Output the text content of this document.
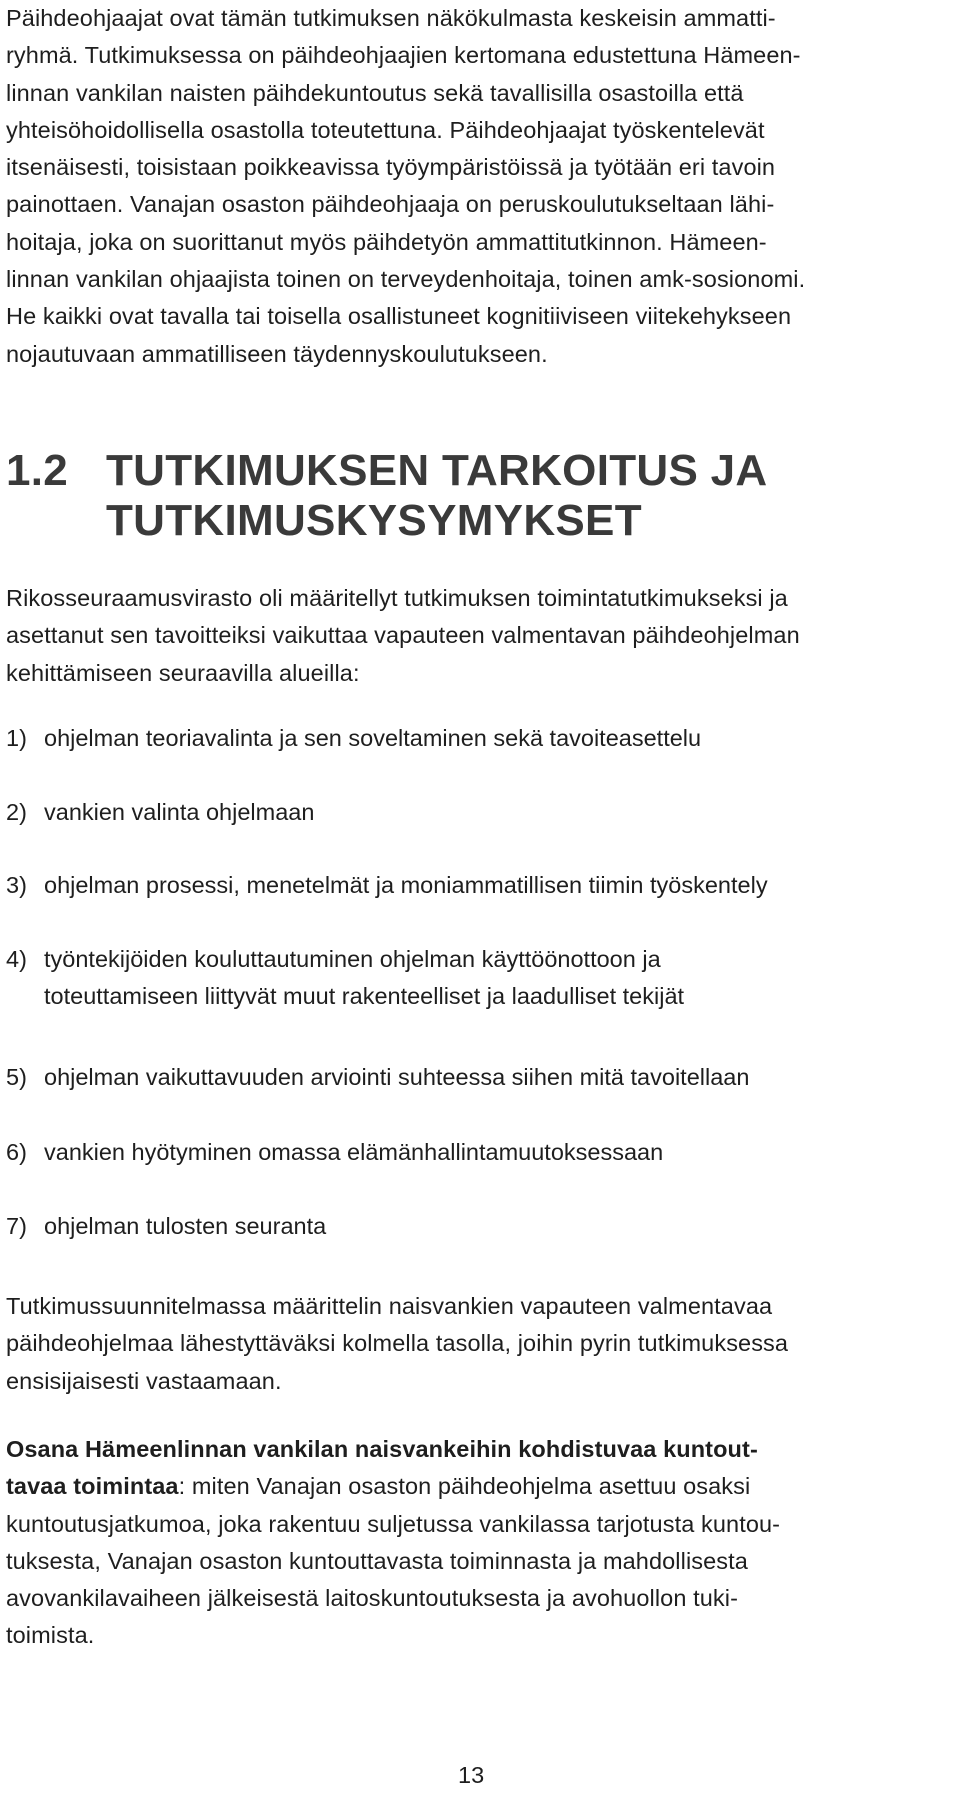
Päihdeohjaajat ovat tämän tutkimuksen näkökulmasta keskeisin ammatti-
ryhmä. Tutkimuksessa on päihdeohjaajien kertomana edustettuna Hämeen-
linnan vankilan naisten päihdekuntoutus sekä tavallisilla osastoilla että
yhteisöhoidollisella osastolla toteutettuna. Päihdeohjaajat työskentelevät
itsenäisesti, toisistaan poikkeavissa työympäristöissä ja työtään eri tavoin
painottaen. Vanajan osaston päihdeohjaaja on peruskoulutukseltaan lähi-
hoitaja, joka on suorittanut myös päihdetyön ammattitutkinnon. Hämeen-
linnan vankilan ohjaajista toinen on terveydenhoitaja, toinen amk-sosionomi.
He kaikki ovat tavalla tai toisella osallistuneet kognitiiviseen viitekehykseen
nojautuvaan ammatilliseen täydennyskoulutukseen.

1.2 TUTKIMUKSEN TARKOITUS JA
TUTKIMUSKYSYMYKSET

Rikosseuraamusvirasto oli määritellyt tutkimuksen toimintatutkimukseksi ja
asettanut sen tavoitteiksi vaikuttaa vapauteen valmentavan päihdeohjelman
kehittämiseen seuraavilla alueilla:

1) ohjelman teoriavalinta ja sen soveltaminen sekä tavoiteasettelu
2) vankien valinta ohjelmaan
3) ohjelman prosessi, menetelmät ja moniammatillisen tiimin työskentely
4) työntekijöiden kouluttautuminen ohjelman käyttöönottoon ja
toteuttamiseen liittyvät muut rakenteelliset ja laadulliset tekijät
5) ohjelman vaikuttavuuden arviointi suhteessa siihen mitä tavoitellaan
6) vankien hyötyminen omassa elämänhallintamuutoksessaan
7) ohjelman tulosten seuranta

Tutkimussuunnitelmassa määrittelin naisvankien vapauteen valmentavaa
päihdeohjelmaa lähestyttäväksi kolmella tasolla, joihin pyrin tutkimuksessa
ensisijaisesti vastaamaan.

Osana Hämeenlinnan vankilan naisvankeihin kohdistuvaa kuntout-
tavaa toimintaa: miten Vanajan osaston päihdeohjelma asettuu osaksi
kuntoutusjatkumoa, joka rakentuu suljetussa vankilassa tarjotusta kuntou-
tuksesta, Vanajan osaston kuntouttavasta toiminnasta ja mahdollisesta
avovankilavaiheen jälkeisestä laitoskuntoutuksesta ja avohuollon tuki-
toimista.

13
